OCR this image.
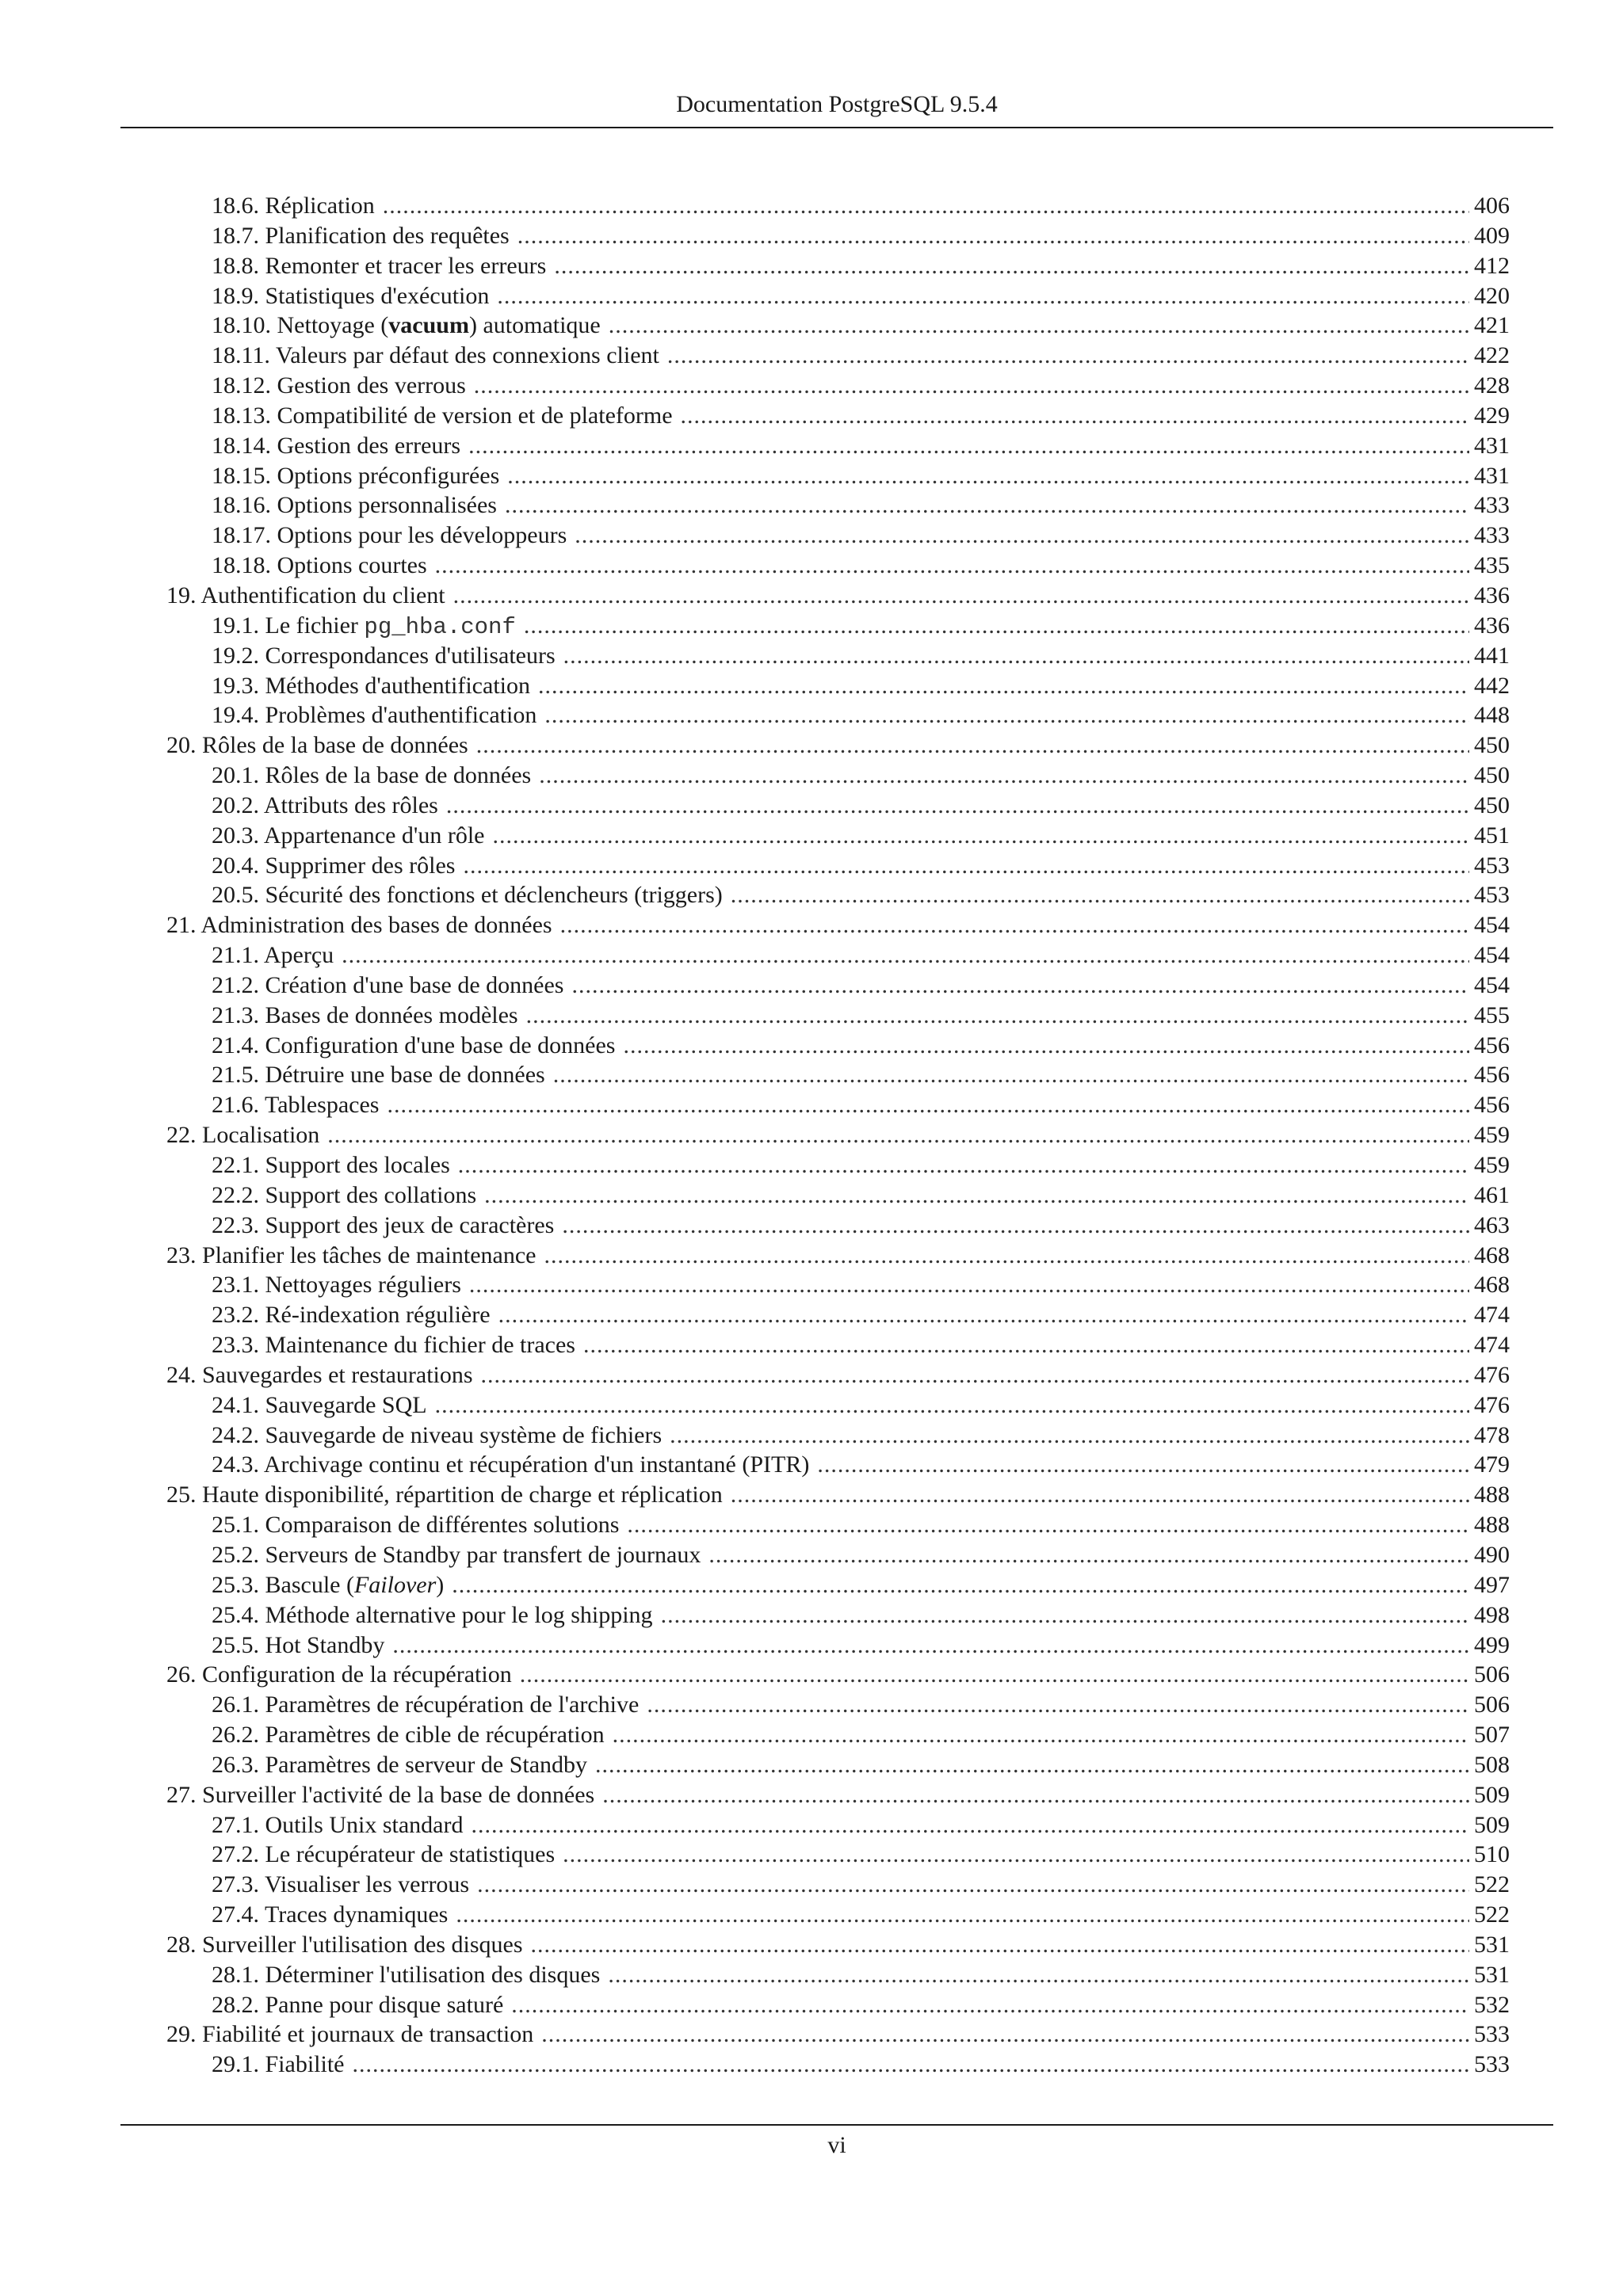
Documentation PostgreSQL 9.5.4
18.6. Réplication .....	406
18.7. Planification des requêtes .....	409
18.8. Remonter et tracer les erreurs .....	412
18.9. Statistiques d'exécution .....	420
18.10. Nettoyage (vacuum) automatique .....	421
18.11. Valeurs par défaut des connexions client .....	422
18.12. Gestion des verrous .....	428
18.13. Compatibilité de version et de plateforme .....	429
18.14. Gestion des erreurs .....	431
18.15. Options préconfigurées .....	431
18.16. Options personnalisées .....	433
18.17. Options pour les développeurs .....	433
18.18. Options courtes .....	435
19. Authentification du client .....	436
19.1. Le fichier pg_hba.conf .....	436
19.2. Correspondances d'utilisateurs .....	441
19.3. Méthodes d'authentification .....	442
19.4. Problèmes d'authentification .....	448
20. Rôles de la base de données .....	450
20.1. Rôles de la base de données .....	450
20.2. Attributs des rôles .....	450
20.3. Appartenance d'un rôle .....	451
20.4. Supprimer des rôles .....	453
20.5. Sécurité des fonctions et déclencheurs (triggers) .....	453
21. Administration des bases de données .....	454
21.1. Aperçu .....	454
21.2. Création d'une base de données .....	454
21.3. Bases de données modèles .....	455
21.4. Configuration d'une base de données .....	456
21.5. Détruire une base de données .....	456
21.6. Tablespaces .....	456
22. Localisation .....	459
22.1. Support des locales .....	459
22.2. Support des collations .....	461
22.3. Support des jeux de caractères .....	463
23. Planifier les tâches de maintenance .....	468
23.1. Nettoyages réguliers .....	468
23.2. Ré-indexation régulière .....	474
23.3. Maintenance du fichier de traces .....	474
24. Sauvegardes et restaurations .....	476
24.1. Sauvegarde SQL .....	476
24.2. Sauvegarde de niveau système de fichiers .....	478
24.3. Archivage continu et récupération d'un instantané (PITR) .....	479
25. Haute disponibilité, répartition de charge et réplication .....	488
25.1. Comparaison de différentes solutions .....	488
25.2. Serveurs de Standby par transfert de journaux .....	490
25.3. Bascule (Failover) .....	497
25.4. Méthode alternative pour le log shipping .....	498
25.5. Hot Standby .....	499
26. Configuration de la récupération .....	506
26.1. Paramètres de récupération de l'archive .....	506
26.2. Paramètres de cible de récupération .....	507
26.3. Paramètres de serveur de Standby .....	508
27. Surveiller l'activité de la base de données .....	509
27.1. Outils Unix standard .....	509
27.2. Le récupérateur de statistiques .....	510
27.3. Visualiser les verrous .....	522
27.4. Traces dynamiques .....	522
28. Surveiller l'utilisation des disques .....	531
28.1. Déterminer l'utilisation des disques .....	531
28.2. Panne pour disque saturé .....	532
29. Fiabilité et journaux de transaction .....	533
29.1. Fiabilité .....	533
vi
